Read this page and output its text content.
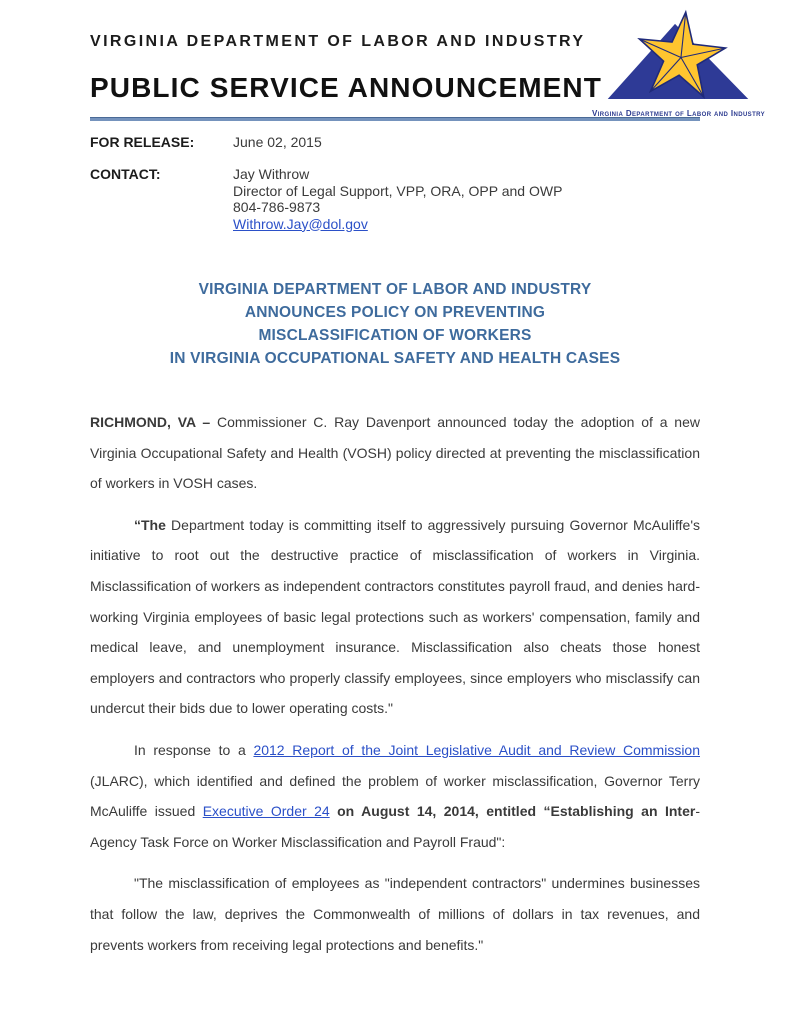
VIRGINIA DEPARTMENT OF LABOR AND INDUSTRY
PUBLIC SERVICE ANNOUNCEMENT
FOR RELEASE:	June 02, 2015
CONTACT:	Jay Withrow
Director of Legal Support, VPP, ORA, OPP and OWP
804-786-9873
Withrow.Jay@dol.gov
VIRGINIA DEPARTMENT OF LABOR AND INDUSTRY
ANNOUNCES POLICY ON PREVENTING
MISCLASSIFICATION OF WORKERS
IN VIRGINIA OCCUPATIONAL SAFETY AND HEALTH CASES

RICHMOND, VA – Commissioner C. Ray Davenport announced today the adoption of a new Virginia Occupational Safety and Health (VOSH) policy directed at preventing the misclassification of workers in VOSH cases.

“The Department today is committing itself to aggressively pursuing Governor McAuliffe's initiative to root out the destructive practice of misclassification of workers in Virginia. Misclassification of workers as independent contractors constitutes payroll fraud, and denies hard-working Virginia employees of basic legal protections such as workers' compensation, family and medical leave, and unemployment insurance. Misclassification also cheats those honest employers and contractors who properly classify employees, since employers who misclassify can undercut their bids due to lower operating costs."

In response to a 2012 Report of the Joint Legislative Audit and Review Commission (JLARC), which identified and defined the problem of worker misclassification, Governor Terry McAuliffe issued Executive Order 24 on August 14, 2014, entitled “Establishing an Inter-Agency Task Force on Worker Misclassification and Payroll Fraud":

"The misclassification of employees as "independent contractors" undermines businesses that follow the law, deprives the Commonwealth of millions of dollars in tax revenues, and prevents workers from receiving legal protections and benefits."

Virginia Department of Labor and Industry
